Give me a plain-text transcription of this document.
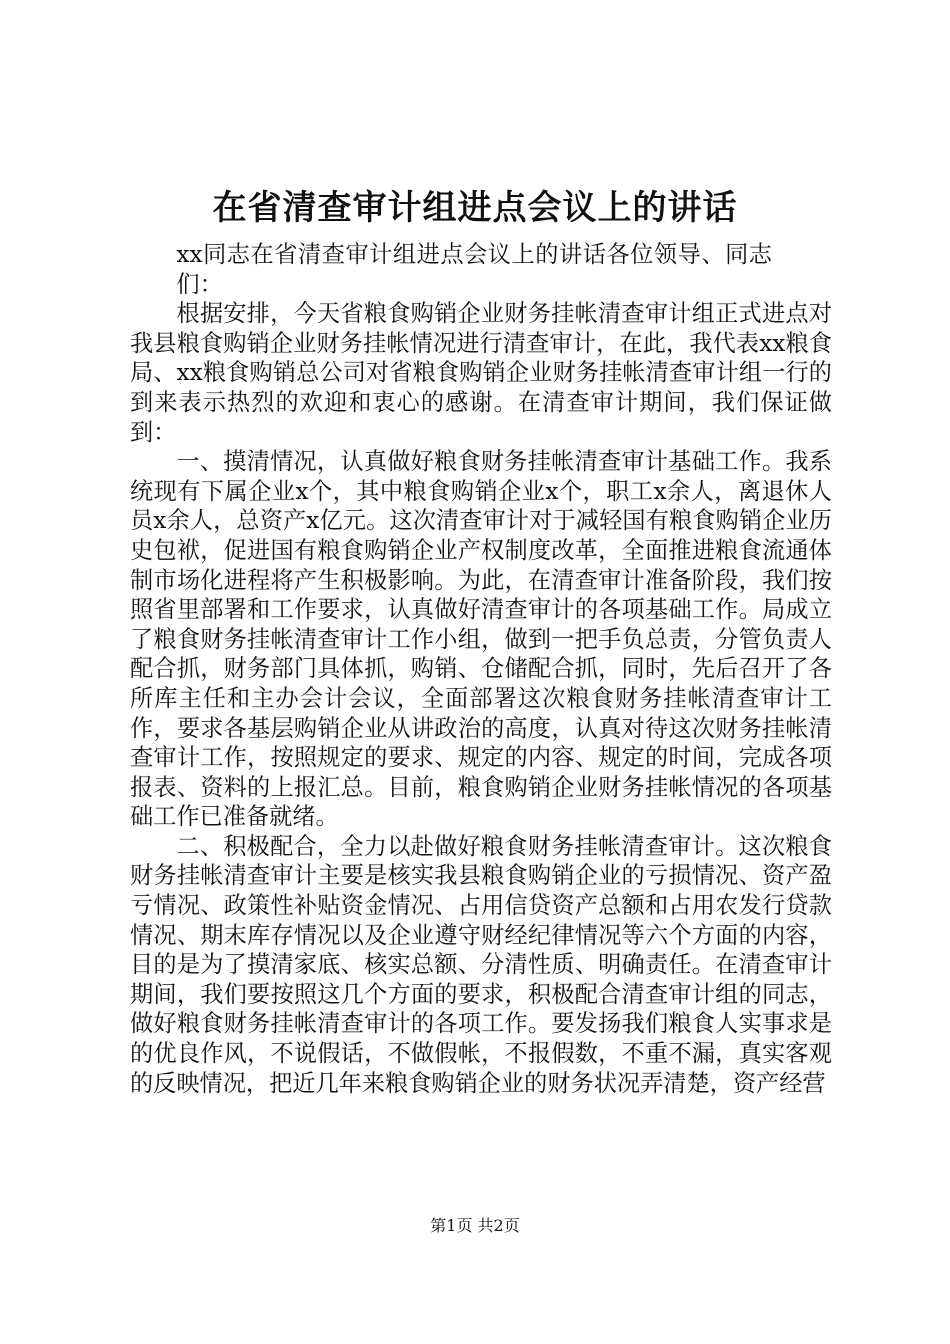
在省清查审计组进点会议上的讲话

xx同志在省清查审计组进点会议上的讲话各位领导、同志们：

根据安排，今天省粮食购销企业财务挂帐清查审计组正式进点对我县粮食购销企业财务挂帐情况进行清查审计，在此，我代表xx粮食局、xx粮食购销总公司对省粮食购销企业财务挂帐清查审计组一行的到来表示热烈的欢迎和衷心的感谢。在清查审计期间，我们保证做到：

一、摸清情况，认真做好粮食财务挂帐清查审计基础工作。我系统现有下属企业x个，其中粮食购销企业x个，职工x余人，离退休人员x余人，总资产x亿元。这次清查审计对于减轻国有粮食购销企业历史包袱，促进国有粮食购销企业产权制度改革，全面推进粮食流通体制市场化进程将产生积极影响。为此，在清查审计准备阶段，我们按照省里部署和工作要求，认真做好清查审计的各项基础工作。局成立了粮食财务挂帐清查审计工作小组，做到一把手负总责，分管负责人配合抓，财务部门具体抓，购销、仓储配合抓，同时，先后召开了各所库主任和主办会计会议，全面部署这次粮食财务挂帐清查审计工作，要求各基层购销企业从讲政治的高度，认真对待这次财务挂帐清查审计工作，按照规定的要求、规定的内容、规定的时间，完成各项报表、资料的上报汇总。目前，粮食购销企业财务挂帐情况的各项基础工作已准备就绪。

二、积极配合，全力以赴做好粮食财务挂帐清查审计。这次粮食财务挂帐清查审计主要是核实我县粮食购销企业的亏损情况、资产盈亏情况、政策性补贴资金情况、占用信贷资产总额和占用农发行贷款情况、期末库存情况以及企业遵守财经纪律情况等六个方面的内容，目的是为了摸清家底、核实总额、分清性质、明确责任。在清查审计期间，我们要按照这几个方面的要求，积极配合清查审计组的同志，做好粮食财务挂帐清查审计的各项工作。要发扬我们粮食人实事求是的优良作风，不说假话，不做假帐，不报假数，不重不漏，真实客观的反映情况，把近几年来粮食购销企业的财务状况弄清楚，资产经营

第1页 共2页
